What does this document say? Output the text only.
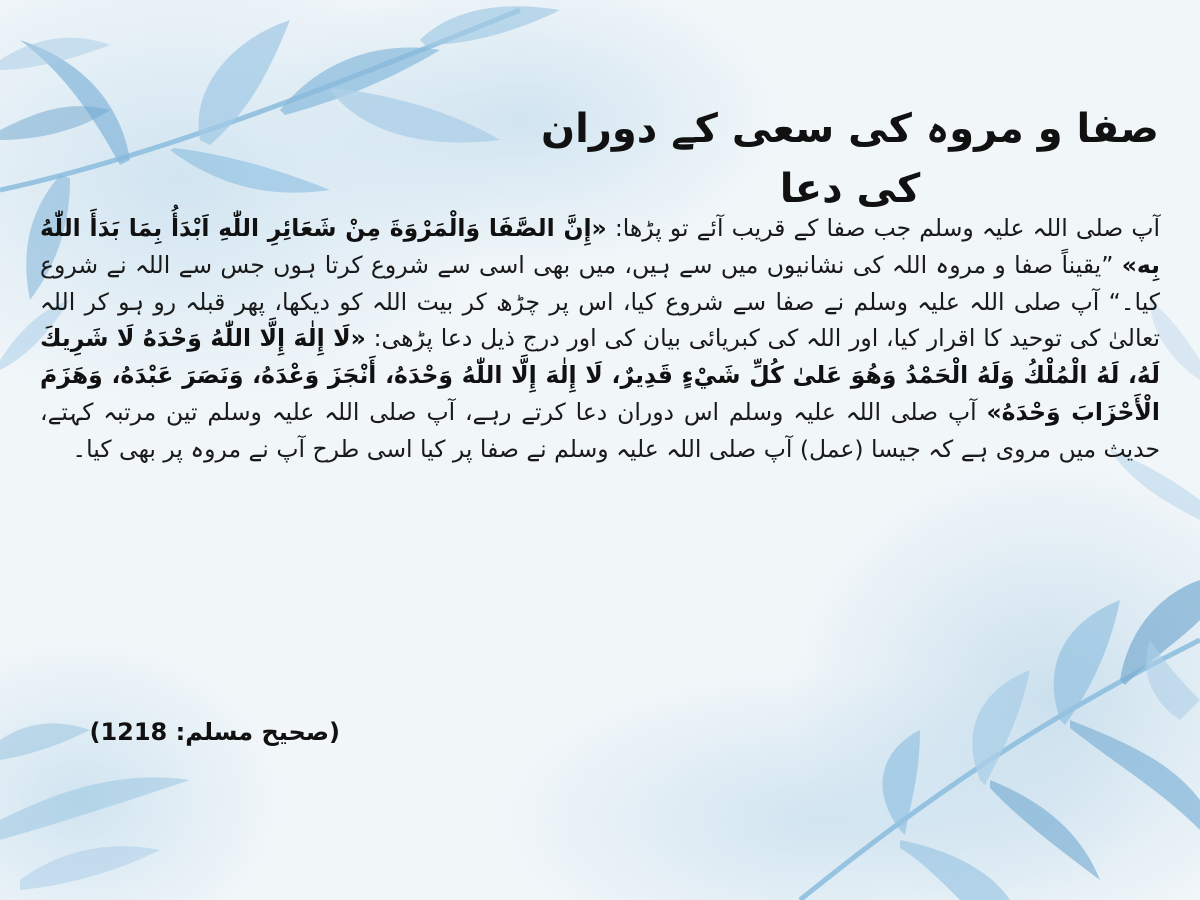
صفا و مروہ کی سعی کے دوران
کی دعا
آپ صلی اللہ علیہ وسلم جب صفا کے قریب آئے تو پڑھا: «إِنَّ الصَّفَا وَالْمَرْوَةَ مِنْ شَعَائِرِ اللّٰهِ اَبْدَأُ بِمَا بَدَأَ اللّٰهُ بِه» ”یقیناً صفا و مروہ اللہ کی نشانیوں میں سے ہیں، میں بھی اسی سے شروع کرتا ہوں جس سے اللہ نے شروع کیا۔“ آپ صلی اللہ علیہ وسلم نے صفا سے شروع کیا، اس پر چڑھ کر بیت اللہ کو دیکھا، پھر قبلہ رو ہو کر اللہ تعالیٰ کی توحید کا اقرار کیا، اور اللہ کی کبریائی بیان کی اور درج ذیل دعا پڑھی: «لَا إِلٰهَ إِلَّا اللّٰهُ وَحْدَهُ لَا شَرِيكَ لَهُ، لَهُ الْمُلْكُ وَلَهُ الْحَمْدُ وَهُوَ عَلىٰ كُلِّ شَيْءٍ قَدِيرٌ، لَا إِلٰهَ إِلَّا اللّٰهُ وَحْدَهُ، أَنْجَزَ وَعْدَهُ، وَنَصَرَ عَبْدَهُ، وَهَزَمَ الْأَحْزَابَ وَحْدَهُ» آپ صلی اللہ علیہ وسلم اس دوران دعا کرتے رہے، آپ صلی اللہ علیہ وسلم تین مرتبہ کہتے، حدیث میں مروی ہے کہ جیسا (عمل) آپ صلی اللہ علیہ وسلم نے صفا پر کیا اسی طرح آپ نے مروہ پر بھی کیا۔
(صحیح مسلم: 1218)
